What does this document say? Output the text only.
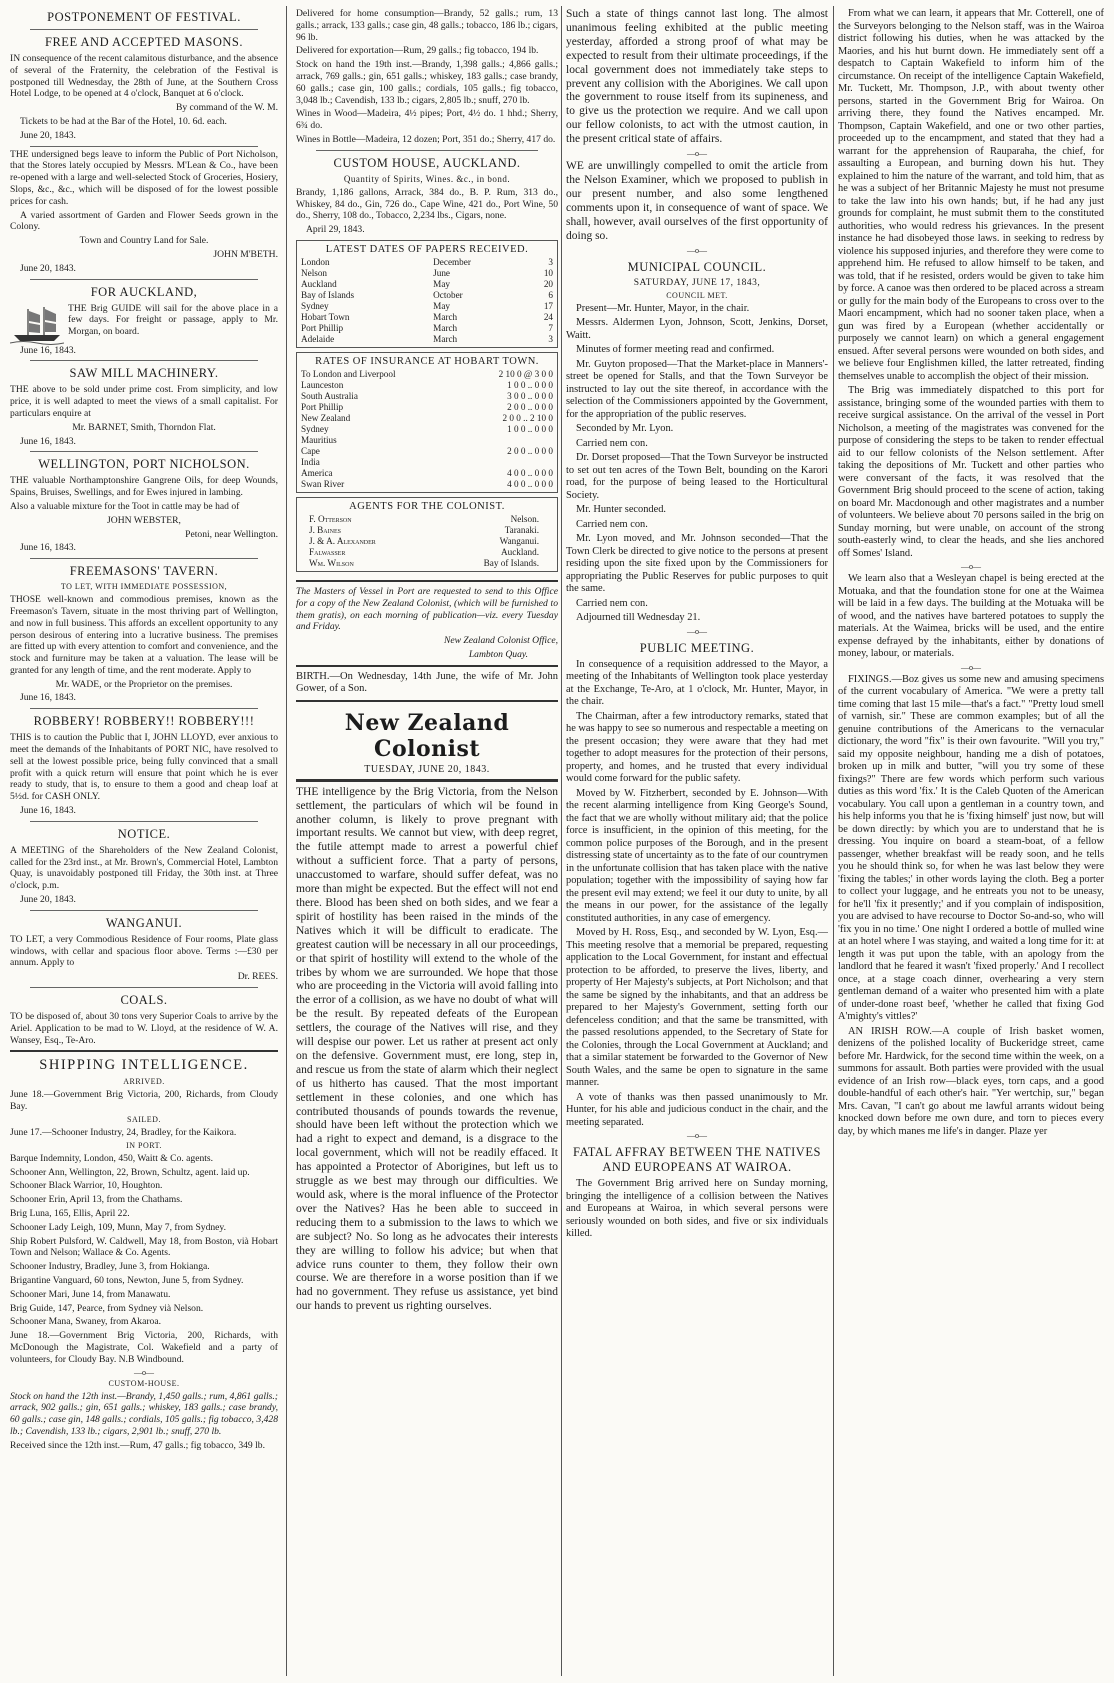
POSTPONEMENT OF FESTIVAL.
FREE AND ACCEPTED MASONS.

IN consequence of the recent calamitous disturbance, and the absence of several of the Fraternity, the celebration of the Festival is postponed till Wednesday, the 28th of June, at the Southern Cross Hotel Lodge, to be opened at 4 o'clock, Banquet at 6 o'clock.

By command of the W. M.

Tickets to be had at the Bar of the Hotel, 10. 6d. each.

June 20, 1843.

THE undersigned begs leave to inform the Public of Port Nicholson, that the Stores lately occupied by Messrs. M'Lean & Co., have been re-opened with a large and well-selected Stock of Groceries, Hosiery, Slops, &c., &c., which will be disposed of for the lowest possible prices for cash.

A varied assortment of Garden and Flower Seeds grown in the Colony.

Town and Country Land for Sale.

JOHN M'BETH.

June 20, 1843.

FOR AUCKLAND,

THE Brig GUIDE will sail for the above place in a few days. For freight or passage, apply to Mr. Morgan, on board.

June 16, 1843.

SAW MILL MACHINERY.

THE above to be sold under prime cost. From simplicity, and low price, it is well adapted to meet the views of a small capitalist. For particulars enquire at

Mr. BARNET, Smith, Thorndon Flat.

June 16, 1843.

WELLINGTON, PORT NICHOLSON.

THE valuable Northamptonshire Gangrene Oils, for deep Wounds, Spains, Bruises, Swellings, and for Ewes injured in lambing.

Also a valuable mixture for the Toot in cattle may be had of

JOHN WEBSTER,

Petoni, near Wellington.

June 16, 1843.

FREEMASONS' TAVERN.
TO LET, WITH IMMEDIATE POSSESSION,

THOSE well-known and commodious premises, known as the Freemason's Tavern, situate in the most thriving part of Wellington, and now in full business. This affords an excellent opportunity to any person desirous of entering into a lucrative business. The premises are fitted up with every attention to comfort and convenience, and the stock and furniture may be taken at a valuation. The lease will be granted for any length of time, and the rent moderate. Apply to

Mr. WADE, or the Proprietor on the premises.

June 16, 1843.

ROBBERY! ROBBERY!! ROBBERY!!!

THIS is to caution the Public that I, JOHN LLOYD, ever anxious to meet the demands of the Inhabitants of PORT NIC, have resolved to sell at the lowest possible price, being fully convinced that a small profit with a quick return will ensure that point which he is ever ready to study, that is, to ensure to them a good and cheap loaf at 5½d. for CASH ONLY.

June 16, 1843.

NOTICE.

A MEETING of the Shareholders of the New Zealand Colonist, called for the 23rd inst., at Mr. Brown's, Commercial Hotel, Lambton Quay, is unavoidably postponed till Friday, the 30th inst. at Three o'clock, p.m.

June 20, 1843.

WANGANUI.

TO LET, a very Commodious Residence of Four rooms, Plate glass windows, with cellar and spacious floor above. Terms :—£30 per annum. Apply to

Dr. REES.

COALS.

TO be disposed of, about 30 tons very Superior Coals to arrive by the Ariel. Application to be mad to W. Lloyd, at the residence of W. A. Wansey, Esq., Te-Aro.

SHIPPING INTELLIGENCE.
ARRIVED.

June 18.—Government Brig Victoria, 200, Richards, from Cloudy Bay.

SAILED.

June 17.—Schooner Industry, 24, Bradley, for the Kaikora.

IN PORT.

Barque Indemnity, London, 450, Waitt & Co. agents.

Schooner Ann, Wellington, 22, Brown, Schultz, agent. laid up.

Schooner Black Warrior, 10, Houghton.

Schooner Erin, April 13, from the Chathams.

Brig Luna, 165, Ellis, April 22.

Schooner Lady Leigh, 109, Munn, May 7, from Sydney.

Ship Robert Pulsford, W. Caldwell, May 18, from Boston, vià Hobart Town and Nelson; Wallace & Co. Agents.

Schooner Industry, Bradley, June 3, from Hokianga.

Brigantine Vanguard, 60 tons, Newton, June 5, from Sydney.

Schooner Mari, June 14, from Manawatu.

Brig Guide, 147, Pearce, from Sydney vià Nelson.

Schooner Mana, Swaney, from Akaroa.

June 18.—Government Brig Victoria, 200, Richards, with McDonough the Magistrate, Col. Wakefield and a party of volunteers, for Cloudy Bay. N.B Windbound.

—o—
CUSTOM-HOUSE.

Stock on hand the 12th inst.—Brandy, 1,450 galls.; rum, 4,861 galls.; arrack, 902 galls.; gin, 651 galls.; whiskey, 183 galls.; case brandy, 60 galls.; case gin, 148 galls.; cordials, 105 galls.; fig tobacco, 3,428 lb.; Cavendish, 133 lb.; cigars, 2,901 lb.; snuff, 270 lb.

Received since the 12th inst.—Rum, 47 galls.; fig tobacco, 349 lb.

Delivered for home consumption—Brandy, 52 galls.; rum, 13 galls.; arrack, 133 galls.; case gin, 48 galls.; tobacco, 186 lb.; cigars, 96 lb.

Delivered for exportation—Rum, 29 galls.; fig tobacco, 194 lb.

Stock on hand the 19th inst.—Brandy, 1,398 galls.; 4,866 galls.; arrack, 769 galls.; gin, 651 galls.; whiskey, 183 galls.; case brandy, 60 galls.; case gin, 100 galls.; cordials, 105 galls.; fig tobacco, 3,048 lb.; Cavendish, 133 lb.; cigars, 2,805 lb.; snuff, 270 lb.

Wines in Wood—Madeira, 4½ pipes; Port, 4½ do. 1 hhd.; Sherry, 6¾ do.

Wines in Bottle—Madeira, 12 dozen; Port, 351 do.; Sherry, 417 do.

CUSTOM HOUSE, AUCKLAND.
Quantity of Spirits, Wines. &c., in bond.

Brandy, 1,186 gallons, Arrack, 384 do., B. P. Rum, 313 do., Whiskey, 84 do., Gin, 726 do., Cape Wine, 421 do., Port Wine, 50 do., Sherry, 108 do., Tobacco, 2,234 lbs., Cigars, none.

April 29, 1843.

LATEST DATES OF PAPERS RECEIVED.
London	December	3
Nelson	June	10
Auckland	May	20
Bay of Islands	October	6
Sydney	May	17
Hobart Town	March	24
Port Phillip	March	7
Adelaide	March	3
RATES OF INSURANCE AT HOBART TOWN.
To London and Liverpool	2 10 0 @ 3 0 0
Launceston	1 0 0 .. 0 0 0
South Australia	3 0 0 .. 0 0 0
Port Phillip	2 0 0 .. 0 0 0
New Zealand	2 0 0 .. 2 10 0
Sydney	1 0 0 .. 0 0 0
Mauritius	
Cape	2 0 0 .. 0 0 0
India	
America	4 0 0 .. 0 0 0
Swan River	4 0 0 .. 0 0 0
AGENTS FOR THE COLONIST.
F. Otterson	Nelson.
J. Baines	Taranaki.
J. & A. Alexander	Wanganui.
Falwasser	Auckland.
Wm. Wilson	Bay of Islands.

The Masters of Vessel in Port are requested to send to this Office for a copy of the New Zealand Colonist, (which will be furnished to them gratis), on each morning of publication—viz. every Tuesday and Friday.

New Zealand Colonist Office,

Lambton Quay.

BIRTH.—On Wednesday, 14th June, the wife of Mr. John Gower, of a Son.

New Zealand Colonist
TUESDAY, JUNE 20, 1843.

THE intelligence by the Brig Victoria, from the Nelson settlement, the particulars of which wil be found in another column, is likely to prove pregnant with important results. We cannot but view, with deep regret, the futile attempt made to arrest a powerful chief without a sufficient force. That a party of persons, unaccustomed to warfare, should suffer defeat, was no more than might be expected. But the effect will not end there. Blood has been shed on both sides, and we fear a spirit of hostility has been raised in the minds of the Natives which it will be difficult to eradicate. The greatest caution will be necessary in all our proceedings, or that spirit of hostility will extend to the whole of the tribes by whom we are surrounded. We hope that those who are proceeding in the Victoria will avoid falling into the error of a collision, as we have no doubt of what will be the result. By repeated defeats of the European settlers, the courage of the Natives will rise, and they will despise our power. Let us rather at present act only on the defensive. Government must, ere long, step in, and rescue us from the state of alarm which their neglect of us hitherto has caused. That the most important settlement in these colonies, and one which has contributed thousands of pounds towards the revenue, should have been left without the protection which we had a right to expect and demand, is a disgrace to the local government, which will not be readily effaced. It has appointed a Protector of Aborigines, but left us to struggle as we best may through our difficulties. We would ask, where is the moral influence of the Protector over the Natives? Has he been able to succeed in reducing them to a submission to the laws to which we are subject? No. So long as he advocates their interests they are willing to follow his advice; but when that advice runs counter to them, they follow their own course. We are therefore in a worse position than if we had no government. They refuse us assistance, yet bind our hands to prevent us righting ourselves.

Such a state of things cannot last long. The almost unanimous feeling exhibited at the public meeting yesterday, afforded a strong proof of what may be expected to result from their ultimate proceedings, if the local government does not immediately take steps to prevent any collision with the Aborigines. We call upon the government to rouse itself from its supineness, and to give us the protection we require. And we call upon our fellow colonists, to act with the utmost caution, in the present critical state of affairs.

—o—

WE are unwillingly compelled to omit the article from the Nelson Examiner, which we proposed to publish in our present number, and also some lengthened comments upon it, in consequence of want of space. We shall, however, avail ourselves of the first opportunity of doing so.

—o—
MUNICIPAL COUNCIL.
SATURDAY, JUNE 17, 1843,
COUNCIL MET.

Present—Mr. Hunter, Mayor, in the chair.

Messrs. Aldermen Lyon, Johnson, Scott, Jenkins, Dorset, Waitt.

Minutes of former meeting read and confirmed.

Mr. Guyton proposed—That the Market-place in Manners'-street be opened for Stalls, and that the Town Surveyor be instructed to lay out the site thereof, in accordance with the selection of the Commissioners appointed by the Government, for the appropriation of the public reserves.

Seconded by Mr. Lyon.

Carried nem con.

Dr. Dorset proposed—That the Town Surveyor be instructed to set out ten acres of the Town Belt, bounding on the Karori road, for the purpose of being leased to the Horticultural Society.

Mr. Hunter seconded.

Carried nem con.

Mr. Lyon moved, and Mr. Johnson seconded—That the Town Clerk be directed to give notice to the persons at present residing upon the site fixed upon by the Commissioners for appropriating the Public Reserves for public purposes to quit the same.

Carried nem con.

Adjourned till Wednesday 21.

—o—
PUBLIC MEETING.

In consequence of a requisition addressed to the Mayor, a meeting of the Inhabitants of Wellington took place yesterday at the Exchange, Te-Aro, at 1 o'clock, Mr. Hunter, Mayor, in the chair.

The Chairman, after a few introductory remarks, stated that he was happy to see so numerous and respectable a meeting on the present occasion; they were aware that they had met together to adopt measures for the protection of their persons, property, and homes, and he trusted that every individual would come forward for the public safety.

Moved by W. Fitzherbert, seconded by E. Johnson—With the recent alarming intelligence from King George's Sound, the fact that we are wholly without military aid; that the police force is insufficient, in the opinion of this meeting, for the common police purposes of the Borough, and in the present distressing state of uncertainty as to the fate of our countrymen in the unfortunate collision that has taken place with the native population; together with the impossibility of saying how far the present evil may extend; we feel it our duty to unite, by all the means in our power, for the assistance of the legally constituted authorities, in any case of emergency.

Moved by H. Ross, Esq., and seconded by W. Lyon, Esq.—This meeting resolve that a memorial be prepared, requesting application to the Local Government, for instant and effectual protection to be afforded, to preserve the lives, liberty, and property of Her Majesty's subjects, at Port Nicholson; and that the same be signed by the inhabitants, and that an address be prepared to her Majesty's Government, setting forth our defenceless condition; and that the same be transmitted, with the passed resolutions appended, to the Secretary of State for the Colonies, through the Local Government at Auckland; and that a similar statement be forwarded to the Governor of New South Wales, and the same be open to signature in the same manner.

A vote of thanks was then passed unanimously to Mr. Hunter, for his able and judicious conduct in the chair, and the meeting separated.

—o—
FATAL AFFRAY BETWEEN THE NATIVES AND EUROPEANS AT WAIROA.

The Government Brig arrived here on Sunday morning, bringing the intelligence of a collision between the Natives and Europeans at Wairoa, in which several persons were seriously wounded on both sides, and five or six individuals killed.

From what we can learn, it appears that Mr. Cotterell, one of the Surveyors belonging to the Nelson staff, was in the Wairoa district following his duties, when he was attacked by the Maories, and his hut burnt down. He immediately sent off a despatch to Captain Wakefield to inform him of the circumstance. On receipt of the intelligence Captain Wakefield, Mr. Tuckett, Mr. Thompson, J.P., with about twenty other persons, started in the Government Brig for Wairoa. On arriving there, they found the Natives encamped. Mr. Thompson, Captain Wakefield, and one or two other parties, proceeded up to the encampment, and stated that they had a warrant for the apprehension of Rauparaha, the chief, for assaulting a European, and burning down his hut. They explained to him the nature of the warrant, and told him, that as he was a subject of her Britannic Majesty he must not presume to take the law into his own hands; but, if he had any just grounds for complaint, he must submit them to the constituted authorities, who would redress his grievances. In the present instance he had disobeyed those laws. in seeking to redress by violence his supposed injuries, and therefore they were come to apprehend him. He refused to allow himself to be taken, and was told, that if he resisted, orders would be given to take him by force. A canoe was then ordered to be placed across a stream or gully for the main body of the Europeans to cross over to the Maori encampment, which had no sooner taken place, when a gun was fired by a European (whether accidentally or purposely we cannot learn) on which a general engagement ensued. After several persons were wounded on both sides, and we believe four Englishmen killed, the latter retreated, finding themselves unable to accomplish the object of their mission.

The Brig was immediately dispatched to this port for assistance, bringing some of the wounded parties with them to receive surgical assistance. On the arrival of the vessel in Port Nicholson, a meeting of the magistrates was convened for the purpose of considering the steps to be taken to render effectual aid to our fellow colonists of the Nelson settlement. After taking the depositions of Mr. Tuckett and other parties who were conversant of the facts, it was resolved that the Government Brig should proceed to the scene of action, taking on board Mr. Macdonough and other magistrates and a number of volunteers. We believe about 70 persons sailed in the brig on Sunday morning, but were unable, on account of the strong south-easterly wind, to clear the heads, and she lies anchored off Somes' Island.

—o—

We learn also that a Wesleyan chapel is being erected at the Motuaka, and that the foundation stone for one at the Waimea will be laid in a few days. The building at the Motuaka will be of wood, and the natives have bartered potatoes to supply the materials. At the Waimea, bricks will be used, and the entire expense defrayed by the inhabitants, either by donations of money, labour, or materials.

—o—

FIXINGS.—Boz gives us some new and amusing specimens of the current vocabulary of America. "We were a pretty tall time coming that last 15 mile—that's a fact." "Pretty loud smell of varnish, sir." These are common examples; but of all the genuine contributions of the Americans to the vernacular dictionary, the word "fix" is their own favourite. "Will you try," said my opposite neighbour, handing me a dish of potatoes, broken up in milk and butter, "will you try some of these fixings?" There are few words which perform such various duties as this word 'fix.' It is the Caleb Quoten of the American vocabulary. You call upon a gentleman in a country town, and his help informs you that he is 'fixing himself' just now, but will be down directly: by which you are to understand that he is dressing. You inquire on board a steam-boat, of a fellow passenger, whether breakfast will be ready soon, and he tells you he should think so, for when he was last below they were 'fixing the tables;' in other words laying the cloth. Beg a porter to collect your luggage, and he entreats you not to be uneasy, for he'll 'fix it presently;' and if you complain of indisposition, you are advised to have recourse to Doctor So-and-so, who will 'fix you in no time.' One night I ordered a bottle of mulled wine at an hotel where I was staying, and waited a long time for it: at length it was put upon the table, with an apology from the landlord that he feared it wasn't 'fixed properly.' And I recollect once, at a stage coach dinner, overhearing a very stern gentleman demand of a waiter who presented him with a plate of under-done roast beef, 'whether he called that fixing God A'mighty's vittles?'

AN IRISH ROW.—A couple of Irish basket women, denizens of the polished locality of Buckeridge street, came before Mr. Hardwick, for the second time within the week, on a summons for assault. Both parties were provided with the usual evidence of an Irish row—black eyes, torn caps, and a good double-handful of each other's hair. "Yer wertchip, sur," began Mrs. Cavan, "I can't go about me lawful arrants widout being knocked down before me own dure, and torn to pieces every day, by which manes me life's in danger. Plaze yer
